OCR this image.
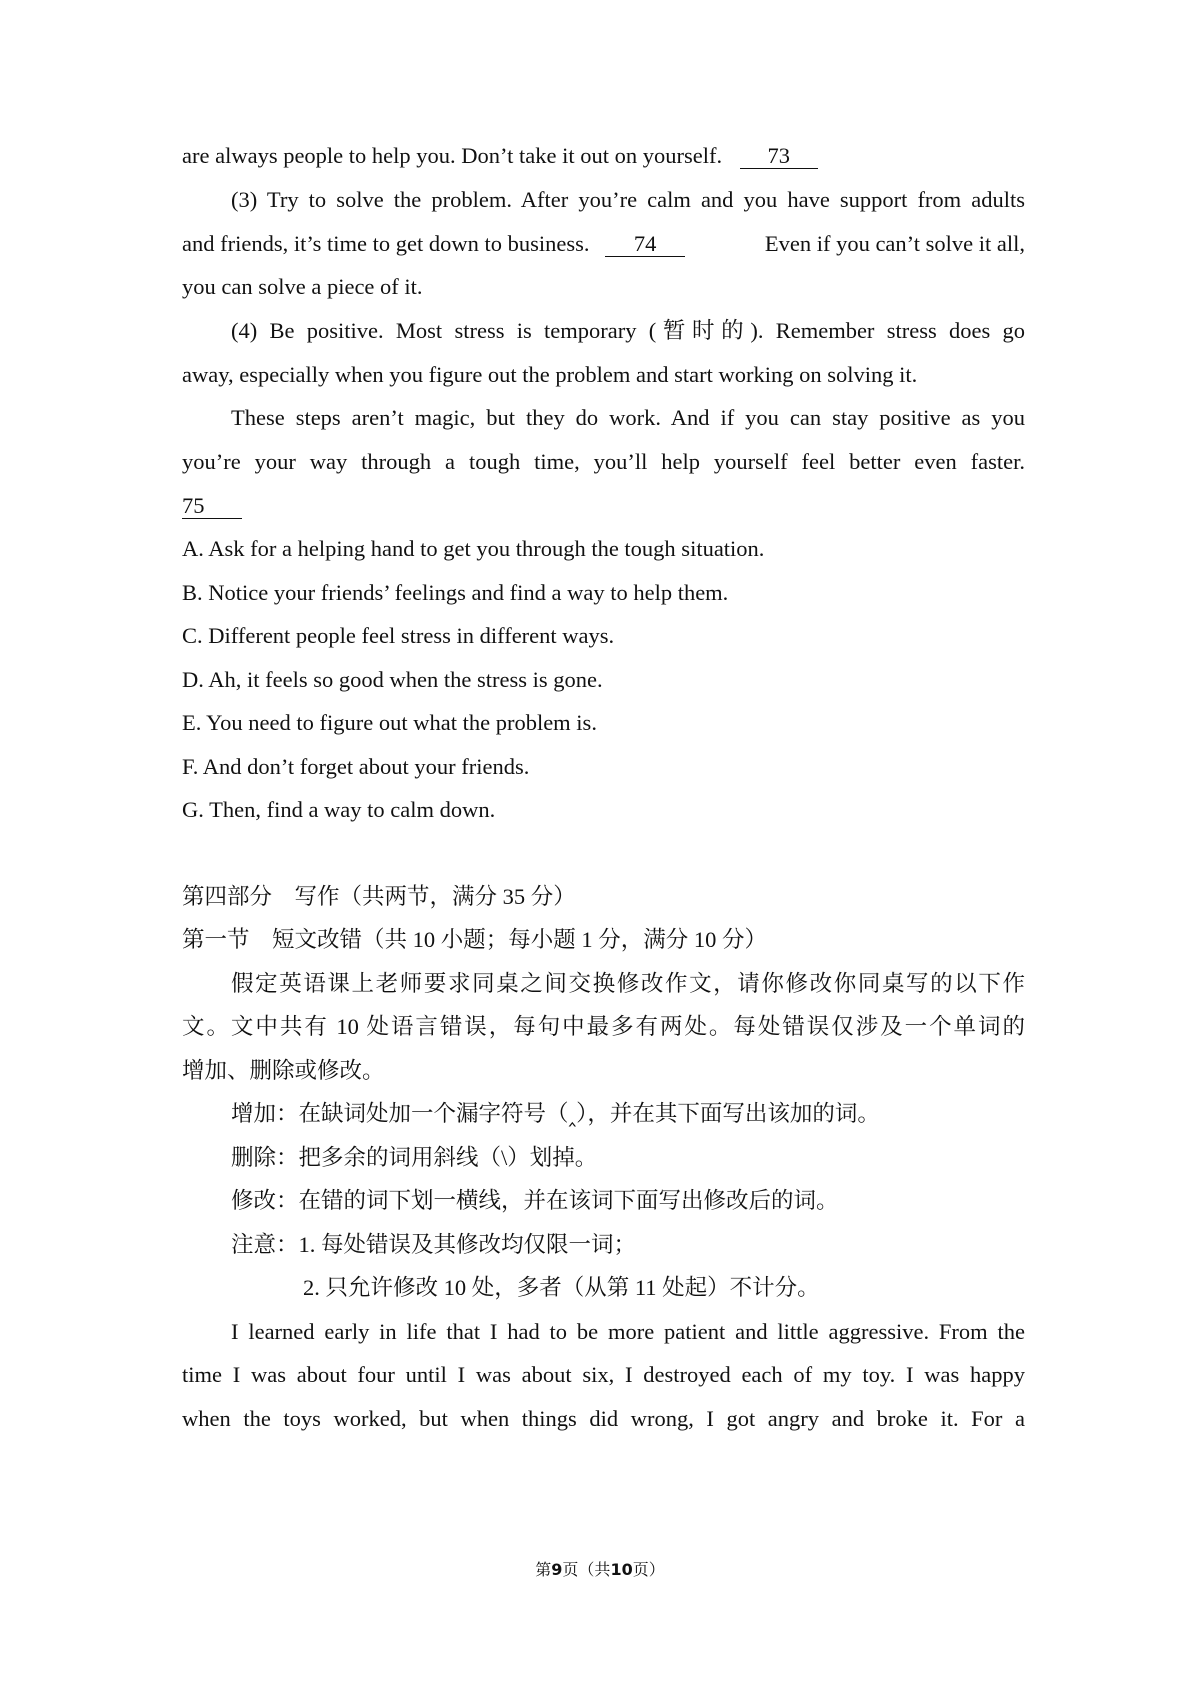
are always people to help you. Don’t take it out on yourself. 73
(3) Try to solve the problem. After you’re calm and you have support from adults
and friends, it’s time to get down to business. 74	Even if you can’t solve it all,
you can solve a piece of it.
(4) Be positive. Most stress is temporary (暂时的). Remember stress does go
away, especially when you figure out the problem and start working on solving it.
These steps aren’t magic, but they do work. And if you can stay positive as you
you’re your way through a tough time, you’ll help yourself feel better even faster.
75
A. Ask for a helping hand to get you through the tough situation.
B. Notice your friends’ feelings and find a way to help them.
C. Different people feel stress in different ways.
D. Ah, it feels so good when the stress is gone.
E. You need to figure out what the problem is.
F. And don’t forget about your friends.
G. Then, find a way to calm down.
第四部分　写作（共两节，满分 35 分）
第一节　短文改错（共 10 小题；每小题 1 分，满分 10 分）
假定英语课上老师要求同桌之间交换修改作文，请你修改你同桌写的以下作
文。文中共有 10 处语言错误，每句中最多有两处。每处错误仅涉及一个单词的
增加、删除或修改。
增加：在缺词处加一个漏字符号（‸），并在其下面写出该加的词。
删除：把多余的词用斜线（\）划掉。
修改：在错的词下划一横线，并在该词下面写出修改后的词。
注意：1. 每处错误及其修改均仅限一词；
2. 只允许修改 10 处，多者（从第 11 处起）不计分。
I learned early in life that I had to be more patient and little aggressive. From the
time I was about four until I was about six, I destroyed each of my toy. I was happy
when the toys worked, but when things did wrong, I got angry and broke it. For a
第9页（共10页）
